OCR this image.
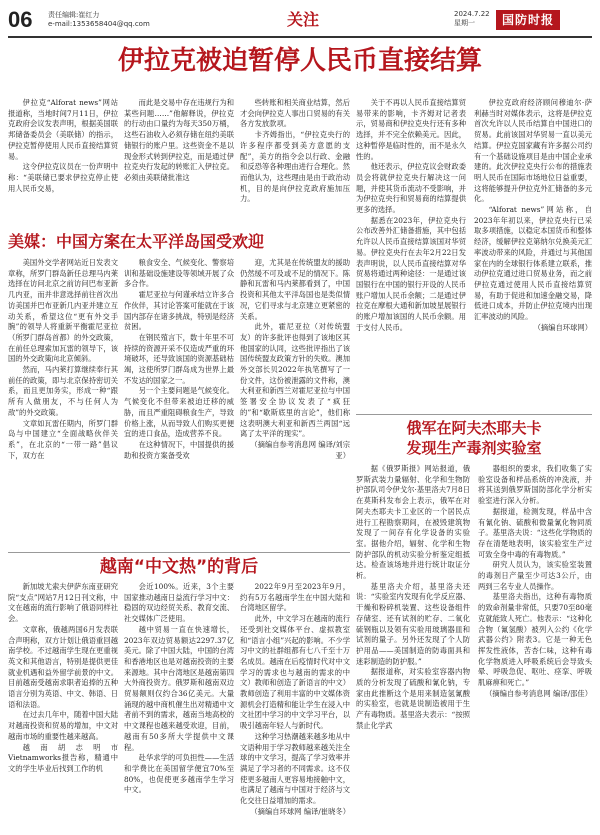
06 责任编辑:崔红力
e-mail:1353658404@qq.com	关注	2024.7.22
星期一	国防时报
伊拉克被迫暂停人民币直接结算

伊拉克“Alforat news”网站报道称，当地时间7月11日，伊拉克政府会议发表声明，根据美国联邦储备委员会（美联储）的指示，伊拉克暂停使用人民币直接结算贸易。

这令伊拉克议员在一份声明中称：“美联储已要求伊拉克停止使用人民币交易，

而此是交易中存在违规行为和某些问题……”他解释说，伊拉克的行动由口量约为每天350万桶，这些石油收入必须存储在纽约美联储银行的账户里。这些资金不是以现金形式转到伊拉克，而是通过伊拉克央行发起的转账汇入伊拉克。必须由美联储批准这

些转账和相关商业结算，然后才会向伊拉克人事出口贸易的有关各方发放款项。

卡齐姆指出，“伊拉克央行的许多程序都受到美方意愿的支配”，美方的指令会以行政、金融和反恐等各种理由进行合理化。然而他认为，这些理由是由于政治动机，目的是向伊拉克政府施加压力。

关于不再以人民币直接结算贸易带来的影响，卡齐姆对记者表示，贸易商和伊拉克央行还有多种选择，并不完全依赖美元。因此，这种暂停是临时性的，而不是永久性的。

他还表示，伊拉克议会财政委员会将就伊拉克央行解决这一问题，并使其货币流动不受影响，并为伊拉克央行和贸易商的结算提供更多的选择。

据悉在2023年，伊拉克央行公布改善外汇储备措施，其中包括允许以人民币直接结算该国对华贸易。伊拉克央行在去年2月22日发表声明说，以人民币直接结算对华贸易将通过两种途径：一是通过该国银行在中国的银行开设的人民币账户增加人民币余额；二是通过伊拉克在摩根大通和新加坡星展银行的账户增加该国的人民币余额。用于支付人民币。

伊拉克政府经济顾问穆迪尔·萨利赫当时对媒体表示，这将是伊拉克首次允许以人民币结算自中国进口的贸易。此前该国对华贸易一直以美元结算。伊拉克国家藏有许多据公司约有一个基础设施项目是由中国企业承建的。此次伊拉克央行公布的措施表明人民币在国际市场地位日益重要，这将能够提升伊拉克外汇储备的多元化。

“Alforat news”网站称，自2023年年初以来，伊拉克央行已采取多项措施，以稳定本国货币和整体经济，缓解伊拉克第纳尔兑换美元汇率波动带来的风险，并通过与其他国家在内的全球银行体系建立联系，推动伊拉克通过进口贸易业务，而之前伊拉克通过使用人民币直接结算贸易，有助于促进和加速金融交易，降低进口成本，并防止伊拉克境内出现汇率波动的风险。

（摘编自环球网）

美媒：中国方案在太平洋岛国受欢迎

美国外交学者网站近日发表文章称，所罗门群岛新任总理马内莱选择在访问北京之前访问巴布亚新几内亚，而并非意选择前往首次出访美国并巴布亚新几内亚并建立互动关系，希望这位“更有外交手腕”的领导人将重新平衡霍尼亚拉（所罗门群岛首都）的外交政策，在前任总理索加瓦雷的领导下，该国的外交政策向北京倾斜。

然而，马内莱打算继续奉行其前任的政策，即与北京保持密切关系，而且更加务实，形成一种“跟所有人做朋友，不与任何人为敌”的外交政策。

文章如瓦雷任期内，所罗门群岛与中国建立“全面战略伙伴关系”，在北京的“一带一路”倡议下，双方在

粮食安全、气候变化、警察培训和基础设施建设等领域开展了众多合作。

霍尼亚拉与何谨承结立许多合作伙伴，其讨论答案可能就在于该国内部存在诸多挑战，特别是经济贫困。

在钢民殖言下，数十年里不可持续的资源开采不仅造成严重的环境破坏，还导致该国的资源基础枯竭，这使所罗门群岛成为世界上最不发达的国家之一。

另一个主要问题是气候变化。气候变化不但带来被迫迁移的威胁，而且严重阻碍粮食生产，导致价格上涨，从而导致人们购买更便宜的进口食品，造成营养不良。

在这种情况下，中国提供的援助和投资方案备受欢

迎，尤其是在传统盟友的援助仍然缓不可及或不足的情况下。陈静和瓦雷和马内莱都看到了，中国投资和其他太平洋岛国也是类似情况，它们寻求与北京建立更紧密的关系。

此外，霍尼亚拉（对传统盟友）的许多批评也得到了该地区其他国家的认同，这些批评指出了该国传统盟友政策方针的失败。澳加外交部长贝2022年执笔撰写了一份文件，这份被泄露的文件称，澳大利亚和新西兰对霍尼亚拉与中国签署安全协议发表了“疯狂的”和“歇斯底里的言论”，他们称这表明澳大利亚和新西兰两国“远离了太平洋的现实”。

（摘编自参考消息网 编译/刘宗亚）

越南“中文热”的背后

新加坡尤索夫伊萨东南亚研究院“支点”网站7月12日刊文称，中文在越南的流行影响了俄语同样社会。

文章称，俄越两国6月发表联合声明称，双方计划让俄语重回越南学校。不过越南学生现在更重视英文和其他语言，特别是提供更佳就业机遇和益外留学前景的中文。目前越南受越南求职者追捧的五种语言分别为英语、中文、韩语、日语和法语。

在过去几年中，随着中国大陆对越南投资和贸易的增加，中文对越南市场的重要性越来越高。

越南胡志明市Vietnamworks报告称，精通中文的学生毕业后找到工作的机

会近100%。近来，3个主要国家推动越南日益流行学习中文：稳固的双边经贸关系、教育交流、社交媒体广泛使用。

越中贸易一直在快速增长，2023年双边贸易额达2297.37亿美元。除了中国大陆，中国的台湾和香港地区也是对越南投资的主要来源地。其中台湾地区是越南第四大外商投资方。俄罗斯和越南双边贸易额则仅约合36亿美元。大量涌现的越中商机催生出对精通中文者前不到的需求，越南当地高校的中文课程也越来越受欢迎，目前，越南有50多所大学提供中文课程。

赴华求学的可负担性——生活和学费比在美国留学便宜70%至80%，也促使更多越南学生学习中文。

2022年9月至2023年9月，约有5万名越南学生在中国大陆和台湾地区留学。

此外，中文学习在越南的流行还受到社交媒体平台、虚拟教室和“语言小组”兴起的影响。不少学习中文的社群组都有七八千至十万名成员。越南在后疫情时代对中文学习的需求也与越南的需求的中文）教师和创造了新语言的中文）教师创造了利用丰富的中文媒体资源机会打造精和能让学生在浸入中文社团中学习的中文学习平台，以吸引越南年轻人与新时代。

这种学习热潮越来越多地从中文语种用于学习教师越来越关注全球的中文学习，提高了学习效率并满足了学习者的不同需求。这不仅使更多越南人更容易地接触中文，也满足了越南与中国对于经济与文化交往日益增加的需求。

（摘编自环球网 编译/崔晓冬）

俄军在阿夫杰耶夫卡
发现生产毒剂实验室

据《俄罗斯报》网站报道，俄罗斯武装力量辐射、化学和生物防护部队司令伊戈尔·基里洛夫7月8日在莫斯科发布会上表示，俄军在对阿夫杰耶夫卡工业区的一个居民点进行工程勘察期间，在被毁建筑物发现了一间存有化学设备的实验室。据他介绍，辐射、化学和生物防护部队的机动实验分析鉴定组抵达。检查该场地并进行统计取证分析。

基里洛夫介绍，基里洛夫还说：“实验室内发现有化学反应器、干燥和粉碎机装置、这些设备组件存储室、还有试剂的贮存、二氧化硫钢瓶以及领有实验用玻璃器皿和试剂的量子。另外还发现了个人防护用品——美国制造的防毒面具和迷彩制造的防护服。”

据报道称，对实验室容器内物质的分析发现了硫酸和氰化钠，专家由此推断这个是用来制造氢氰酸的实验室，也就是说制造被用于生产有毒物质。基里洛夫表示：“按照禁止化学武

器组织的要求，我们收集了实验室设备和样品系统的冲洗液，并将其送到俄罗斯国防部化学分析实验室进行深入分析。

据报道，检测发现，样品中含有氰化钠、硫酸和微量氰化物同质子。基里洛夫说：“这些化学物质的存在清楚地表明，该实验室生产过可致全身中毒的有毒物质。”

研究人员认为，该实验室装置的毒剂日产量至少可达3公斤，由两到三名专业人员操作。

基里洛夫指出，这种有毒物质的致命剂量非常低，只要70至80毫克就能致人死亡。他表示：“这种化合物（氰氢酸）被列入公约《化学武器公约》附表3。它是一种无色挥发性液体，苦杏仁味，这种有毒化学物质进入呼吸系统后会导致头晕、呼吸急促、呕吐、痉挛、呼吸肌麻痹和死亡。”

（摘编自参考消息网 编译/邵佳）
